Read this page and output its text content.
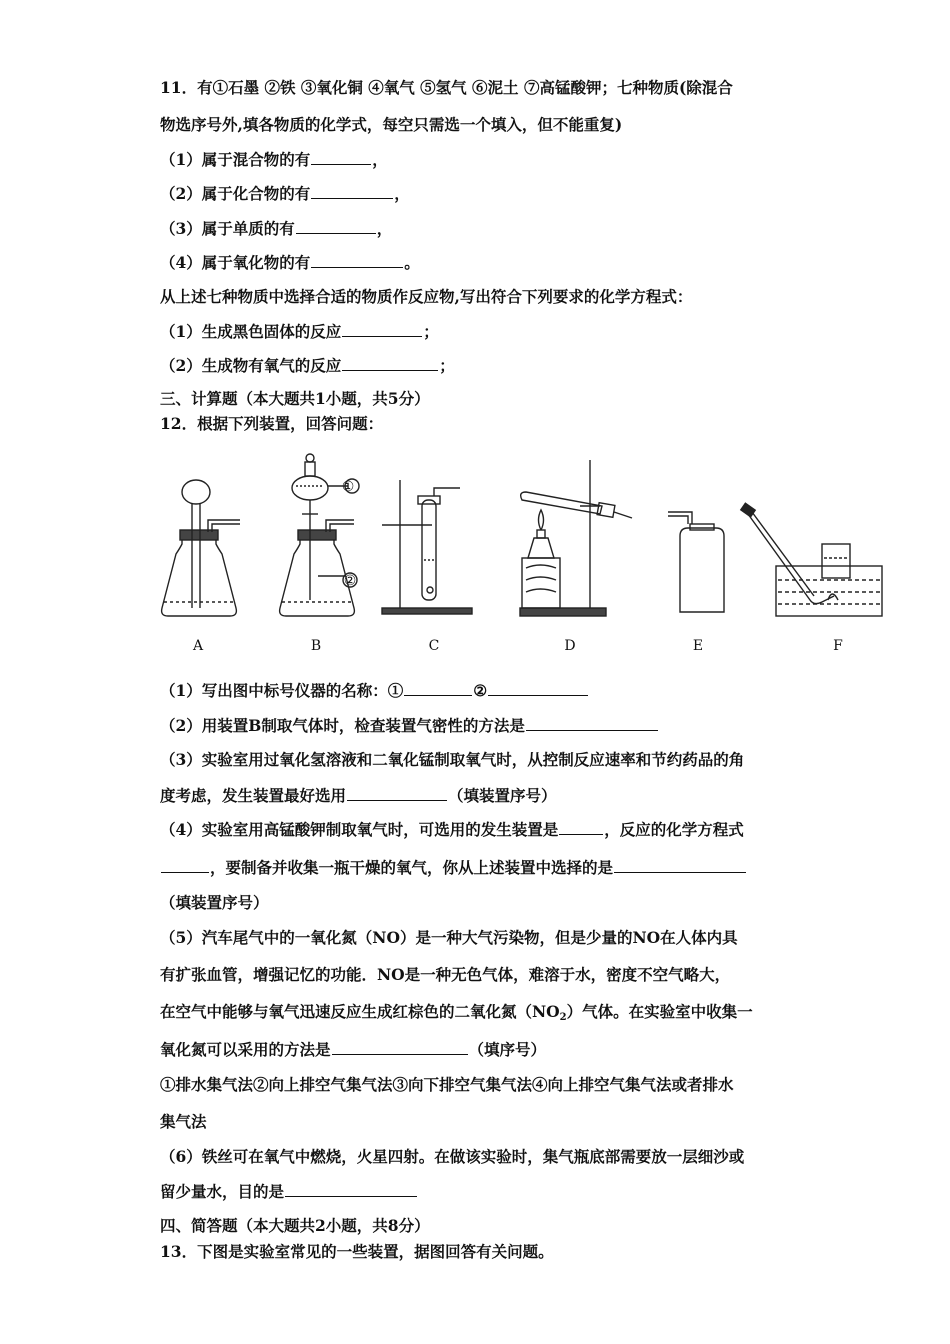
11．有①石墨 ②铁 ③氧化铜 ④氧气 ⑤氢气 ⑥泥土 ⑦高锰酸钾；七种物质(除混合
物选序号外,填各物质的化学式，每空只需选一个填入，但不能重复)
（1）属于混合物的有	，
（2）属于化合物的有	，
（3）属于单质的有	，
（4）属于氧化物的有	。
从上述七种物质中选择合适的物质作反应物,写出符合下列要求的化学方程式：
（1）生成黑色固体的反应	；
（2）生成物有氧气的反应	；
三、计算题（本大题共1小题，共5分）
12．根据下列装置，回答问题：
①
②
A	B	C	D	E	F
（1）写出图中标号仪器的名称：①	②
（2）用装置B制取气体时，检查装置气密性的方法是
（3）实验室用过氧化氢溶液和二氧化锰制取氧气时，从控制反应速率和节约药品的角
度考虑，发生装置最好选用	（填装置序号）
（4）实验室用高锰酸钾制取氧气时，可选用的发生装置是	，反应的化学方程式
，要制备并收集一瓶干燥的氧气，你从上述装置中选择的是
（填装置序号）
（5）汽车尾气中的一氧化氮（NO）是一种大气污染物，但是少量的NO在人体内具
有扩张血管，增强记忆的功能．NO是一种无色气体，难溶于水，密度不空气略大，
在空气中能够与氧气迅速反应生成红棕色的二氧化氮$(NO_2)$气体。在实验室中收集一
氧化氮可以采用的方法是	（填序号）
①排水集气法②向上排空气集气法③向下排空气集气法④向上排空气集气法或者排水
集气法
（6）铁丝可在氧气中燃烧，火星四射。在做该实验时，集气瓶底部需要放一层细沙或
留少量水，目的是
四、简答题（本大题共2小题，共8分）
13．下图是实验室常见的一些装置，据图回答有关问题。
